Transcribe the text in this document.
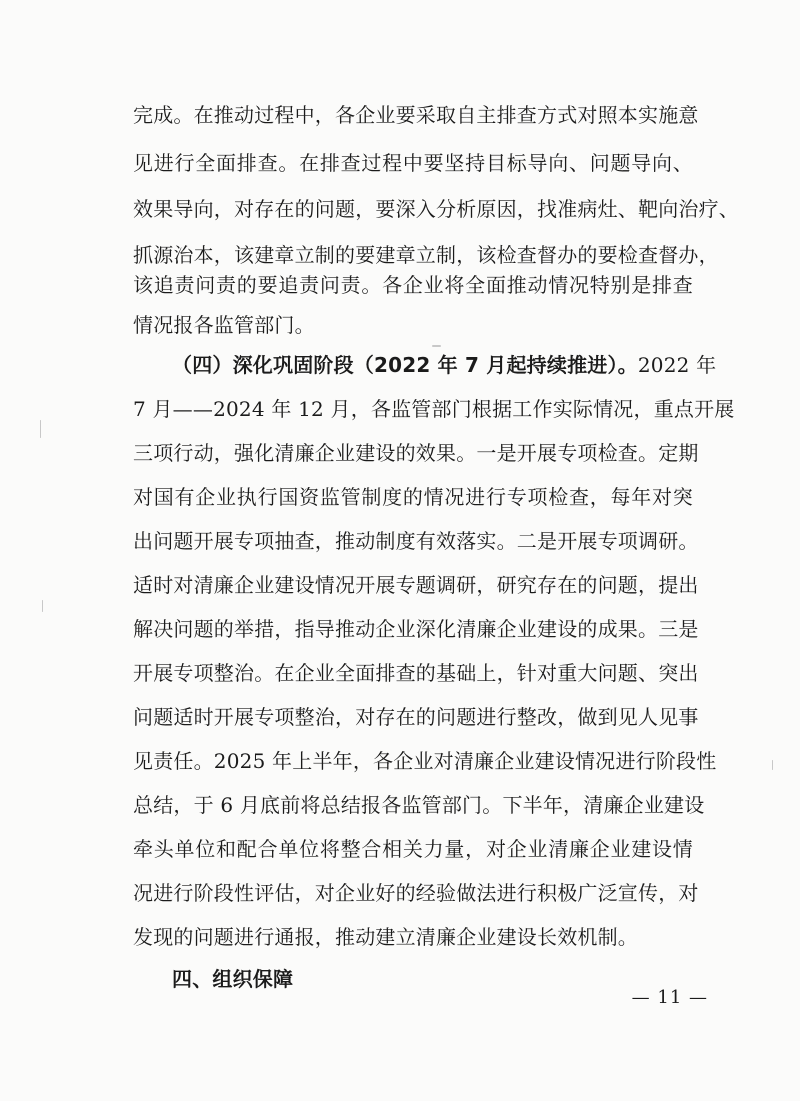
完成。在推动过程中，各企业要采取自主排查方式对照本实施意
见进行全面排查。在排查过程中要坚持目标导向、问题导向、
效果导向，对存在的问题，要深入分析原因，找准病灶、靶向治疗、
抓源治本，该建章立制的要建章立制，该检查督办的要检查督办，
该追责问责的要追责问责。各企业将全面推动情况特别是排查
情况报各监管部门。
（四）深化巩固阶段（2022 年 7 月起持续推进）。 2022 年
7 月——2024 年 12 月，各监管部门根据工作实际情况，重点开展
三项行动，强化清廉企业建设的效果。一是开展专项检查。定期
对国有企业执行国资监管制度的情况进行专项检查，每年对突
出问题开展专项抽查，推动制度有效落实。二是开展专项调研。
适时对清廉企业建设情况开展专题调研，研究存在的问题，提出
解决问题的举措，指导推动企业深化清廉企业建设的成果。三是
开展专项整治。在企业全面排查的基础上，针对重大问题、突出
问题适时开展专项整治，对存在的问题进行整改，做到见人见事
见责任。2025 年上半年，各企业对清廉企业建设情况进行阶段性
总结，于 6 月底前将总结报各监管部门。下半年，清廉企业建设
牵头单位和配合单位将整合相关力量，对企业清廉企业建设情
况进行阶段性评估，对企业好的经验做法进行积极广泛宣传，对
发现的问题进行通报，推动建立清廉企业建设长效机制。
四、组织保障
— 11 —
